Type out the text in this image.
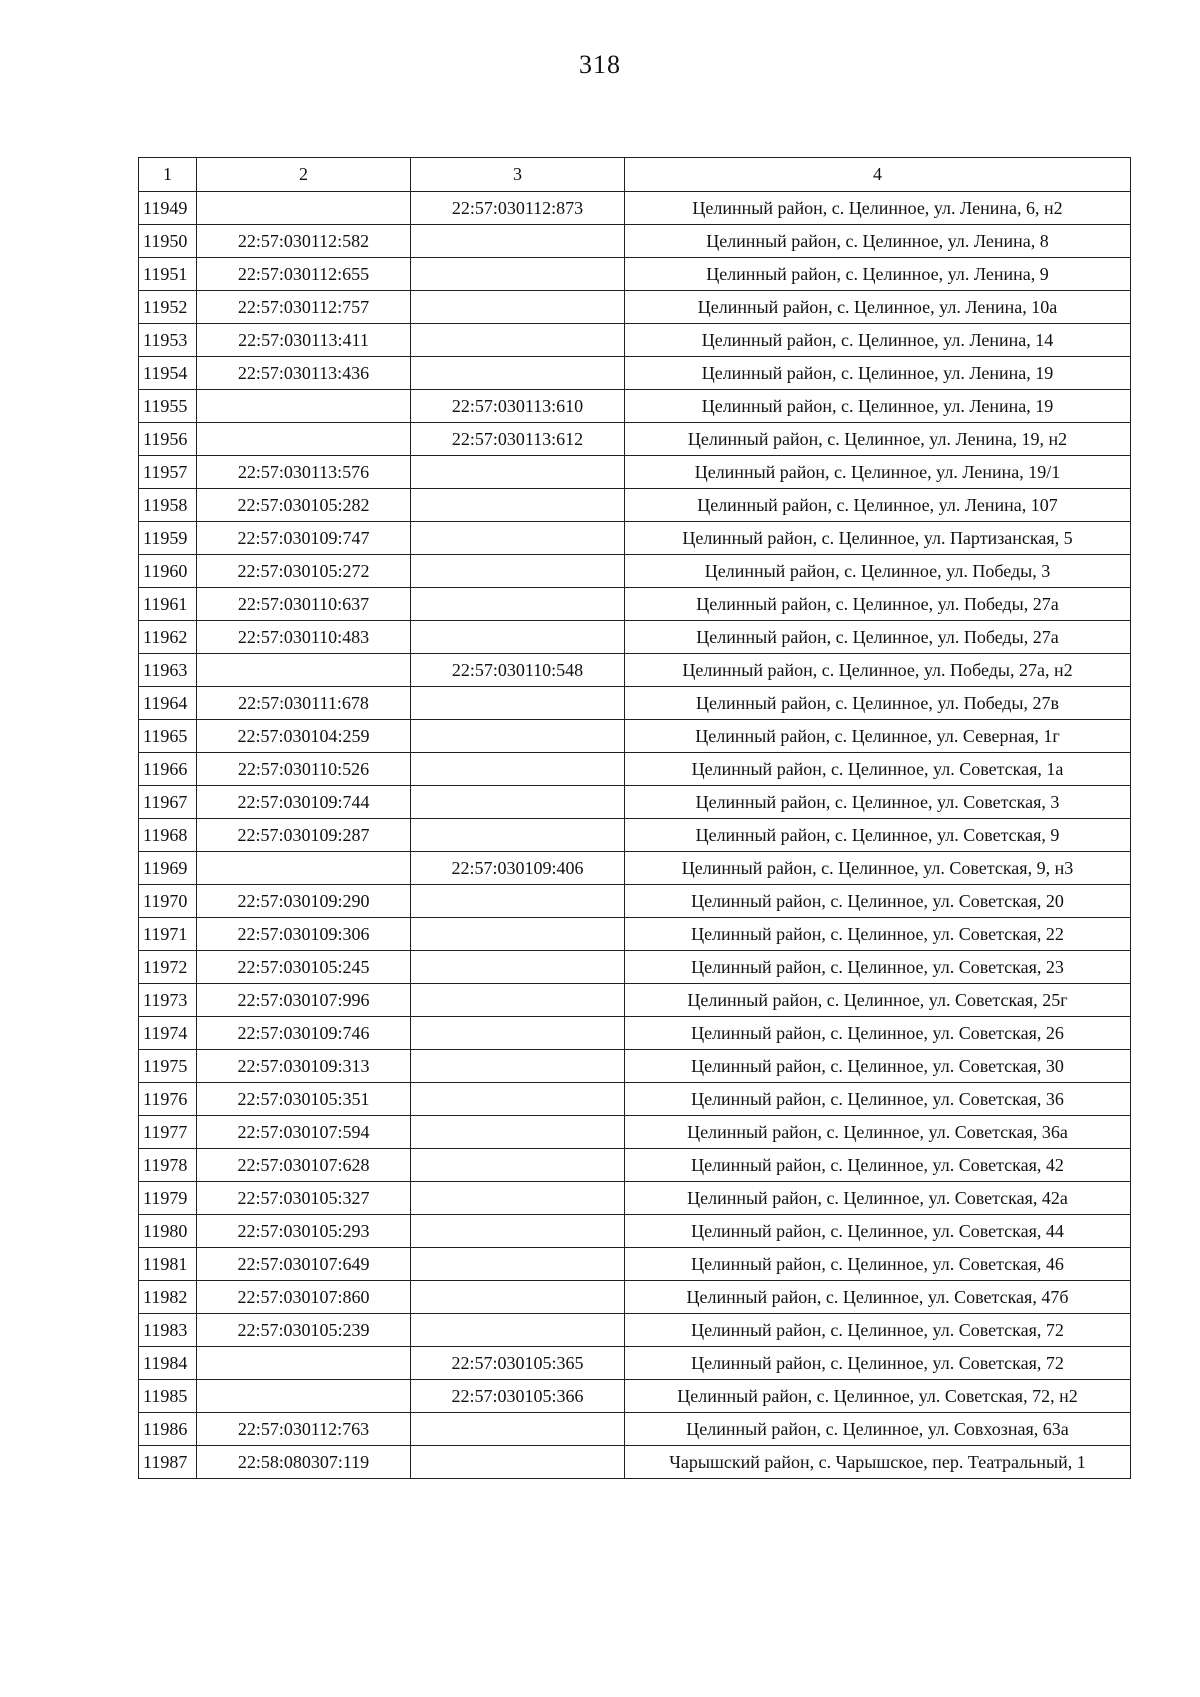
318
1	2	3	4
11949		22:57:030112:873	Целинный район, с. Целинное, ул. Ленина, 6, н2
11950	22:57:030112:582		Целинный район, с. Целинное, ул. Ленина, 8
11951	22:57:030112:655		Целинный район, с. Целинное, ул. Ленина, 9
11952	22:57:030112:757		Целинный район, с. Целинное, ул. Ленина, 10а
11953	22:57:030113:411		Целинный район, с. Целинное, ул. Ленина, 14
11954	22:57:030113:436		Целинный район, с. Целинное, ул. Ленина, 19
11955		22:57:030113:610	Целинный район, с. Целинное, ул. Ленина, 19
11956		22:57:030113:612	Целинный район, с. Целинное, ул. Ленина, 19, н2
11957	22:57:030113:576		Целинный район, с. Целинное, ул. Ленина, 19/1
11958	22:57:030105:282		Целинный район, с. Целинное, ул. Ленина, 107
11959	22:57:030109:747		Целинный район, с. Целинное, ул. Партизанская, 5
11960	22:57:030105:272		Целинный район, с. Целинное, ул. Победы, 3
11961	22:57:030110:637		Целинный район, с. Целинное, ул. Победы, 27а
11962	22:57:030110:483		Целинный район, с. Целинное, ул. Победы, 27а
11963		22:57:030110:548	Целинный район, с. Целинное, ул. Победы, 27а, н2
11964	22:57:030111:678		Целинный район, с. Целинное, ул. Победы, 27в
11965	22:57:030104:259		Целинный район, с. Целинное, ул. Северная, 1г
11966	22:57:030110:526		Целинный район, с. Целинное, ул. Советская, 1а
11967	22:57:030109:744		Целинный район, с. Целинное, ул. Советская, 3
11968	22:57:030109:287		Целинный район, с. Целинное, ул. Советская, 9
11969		22:57:030109:406	Целинный район, с. Целинное, ул. Советская, 9, н3
11970	22:57:030109:290		Целинный район, с. Целинное, ул. Советская, 20
11971	22:57:030109:306		Целинный район, с. Целинное, ул. Советская, 22
11972	22:57:030105:245		Целинный район, с. Целинное, ул. Советская, 23
11973	22:57:030107:996		Целинный район, с. Целинное, ул. Советская, 25г
11974	22:57:030109:746		Целинный район, с. Целинное, ул. Советская, 26
11975	22:57:030109:313		Целинный район, с. Целинное, ул. Советская, 30
11976	22:57:030105:351		Целинный район, с. Целинное, ул. Советская, 36
11977	22:57:030107:594		Целинный район, с. Целинное, ул. Советская, 36а
11978	22:57:030107:628		Целинный район, с. Целинное, ул. Советская, 42
11979	22:57:030105:327		Целинный район, с. Целинное, ул. Советская, 42а
11980	22:57:030105:293		Целинный район, с. Целинное, ул. Советская, 44
11981	22:57:030107:649		Целинный район, с. Целинное, ул. Советская, 46
11982	22:57:030107:860		Целинный район, с. Целинное, ул. Советская, 47б
11983	22:57:030105:239		Целинный район, с. Целинное, ул. Советская, 72
11984		22:57:030105:365	Целинный район, с. Целинное, ул. Советская, 72
11985		22:57:030105:366	Целинный район, с. Целинное, ул. Советская, 72, н2
11986	22:57:030112:763		Целинный район, с. Целинное, ул. Совхозная, 63а
11987	22:58:080307:119		Чарышский район, с. Чарышское, пер. Театральный, 1
